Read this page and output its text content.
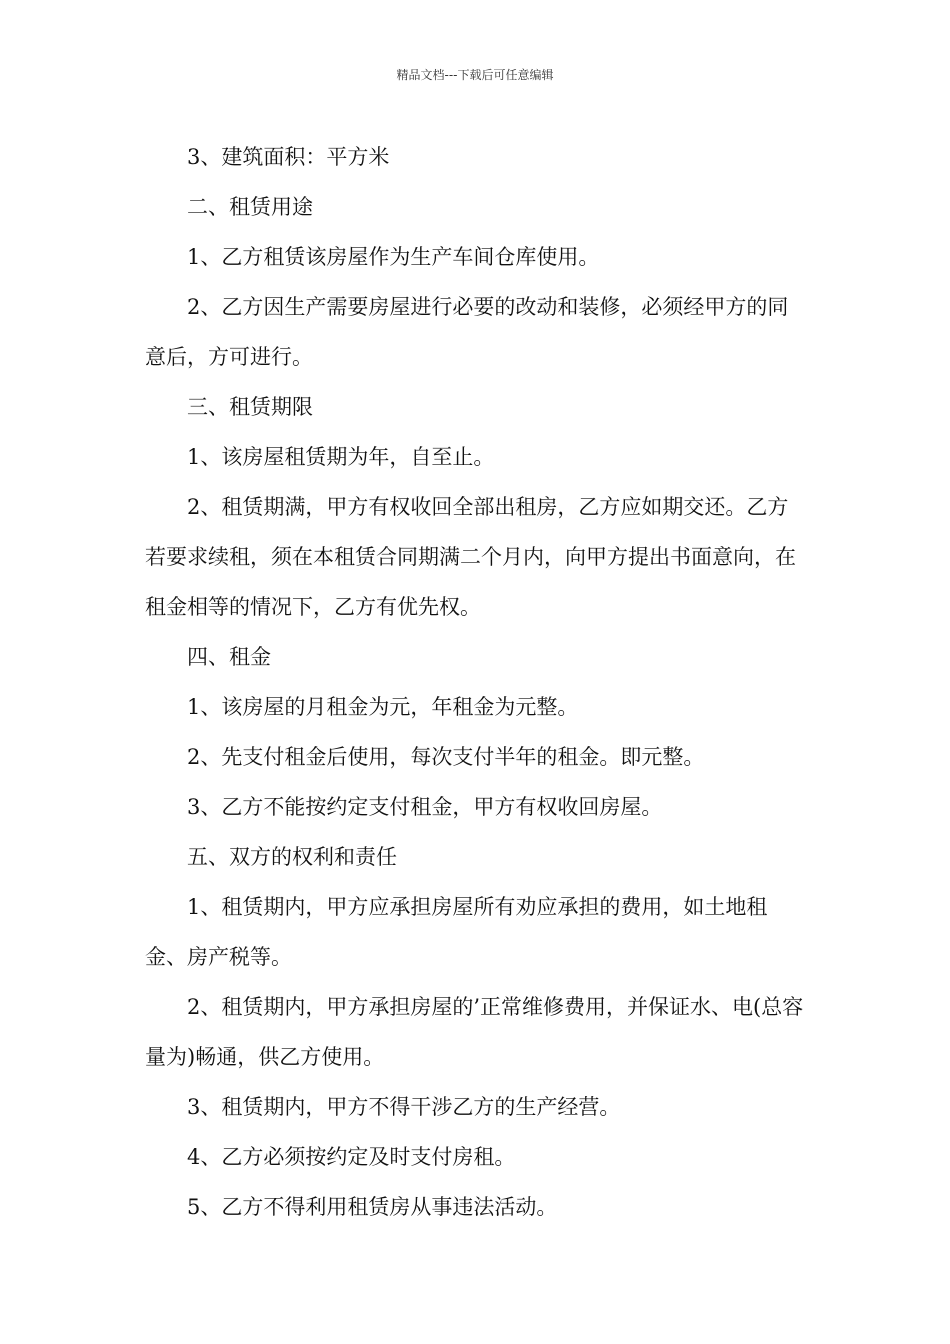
精品文档---下载后可任意编辑

3、建筑面积：平方米

二、租赁用途

1、乙方租赁该房屋作为生产车间仓库使用。

2、乙方因生产需要房屋进行必要的改动和装修，必须经甲方的同意后，方可进行。

三、租赁期限

1、该房屋租赁期为年，自至止。

2、租赁期满，甲方有权收回全部出租房，乙方应如期交还。乙方若要求续租，须在本租赁合同期满二个月内，向甲方提出书面意向，在租金相等的情况下，乙方有优先权。

四、租金

1、该房屋的月租金为元，年租金为元整。

2、先支付租金后使用，每次支付半年的租金。即元整。

3、乙方不能按约定支付租金，甲方有权收回房屋。

五、双方的权利和责任

1、租赁期内，甲方应承担房屋所有劝应承担的费用，如土地租金、房产税等。

2、租赁期内，甲方承担房屋的’正常维修费用，并保证水、电(总容量为)畅通，供乙方使用。

3、租赁期内，甲方不得干涉乙方的生产经营。

4、乙方必须按约定及时支付房租。

5、乙方不得利用租赁房从事违法活动。
